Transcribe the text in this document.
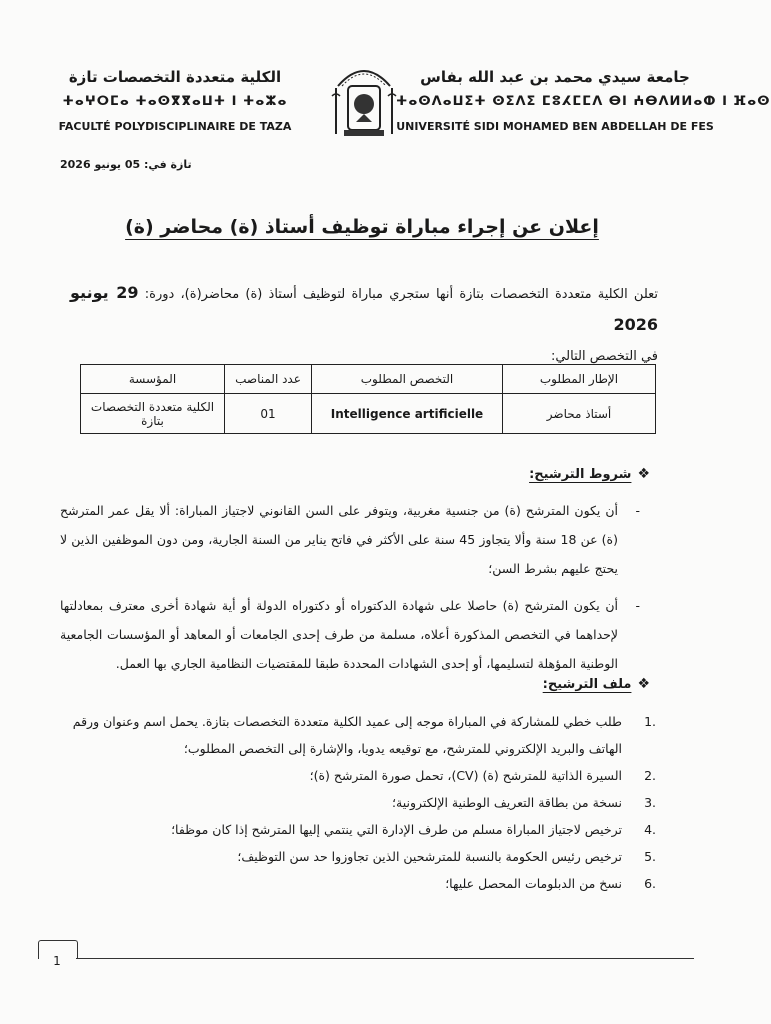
جامعة سيدي محمد بن عبد الله بفاس
ⵜⴰⵙⴷⴰⵡⵉⵜ ⵙⵉⴷⵉ ⵎⵓⵃⵎⵎⴷ ⴱⵏ ⵄⴱⴷⵍⵍⴰⵀ ⵏ ⴼⴰⵙ
UNIVERSITÉ SIDI MOHAMED BEN ABDELLAH DE FES
الكلية متعددة التخصصات تازة
ⵜⴰⵖⵔⵎⴰ ⵜⴰⵙⴳⴳⴰⵡⵜ ⵏ ⵜⴰⵣⴰ
FACULTÉ POLYDISCIPLINAIRE DE TAZA
تازة في: 05 يونيو 2026
إعلان عن إجراء مباراة توظيف أستاذ (ة) محاضر (ة)
تعلن الكلية متعددة التخصصات بتازة أنها ستجري مباراة لتوظيف أستاذ (ة) محاضر(ة)، دورة: 29 يونيو 2026
في التخصص التالي:
الإطار المطلوب	التخصص المطلوب	عدد المناصب	المؤسسة
أستاذ محاضر	Intelligence artificielle	01	الكلية متعددة التخصصات بتازة
❖شروط الترشيح:
- أن يكون المترشح (ة) من جنسية مغربية، ويتوفر على السن القانوني لاجتياز المباراة: ألا يقل عمر المترشح (ة) عن 18 سنة وألا يتجاوز 45 سنة على الأكثر في فاتح يناير من السنة الجارية، ومن دون الموظفين الذين لا يحتج عليهم بشرط السن؛
- أن يكون المترشح (ة) حاصلا على شهادة الدكتوراه أو دكتوراه الدولة أو أية شهادة أخرى معترف بمعادلتها لإحداهما في التخصص المذكورة أعلاه، مسلمة من طرف إحدى الجامعات أو المعاهد أو المؤسسات الجامعية الوطنية المؤهلة لتسليمها، أو إحدى الشهادات المحددة طبقا للمقتضيات النظامية الجاري بها العمل.
❖ملف الترشيح:
1.
طلب خطي للمشاركة في المباراة موجه إلى عميد الكلية متعددة التخصصات بتازة. يحمل اسم وعنوان ورقم الهاتف والبريد الإلكتروني للمترشح، مع توقيعه يدويا، والإشارة إلى التخصص المطلوب؛
2.
السيرة الذاتية للمترشح (ة) (CV)، تحمل صورة المترشح (ة)؛
3.
نسخة من بطاقة التعريف الوطنية الإلكترونية؛
4.
ترخيص لاجتياز المباراة مسلم من طرف الإدارة التي ينتمي إليها المترشح إذا كان موظفا؛
5.
ترخيص رئيس الحكومة بالنسبة للمترشحين الذين تجاوزوا حد سن التوظيف؛
6.
نسخ من الدبلومات المحصل عليها؛
1
